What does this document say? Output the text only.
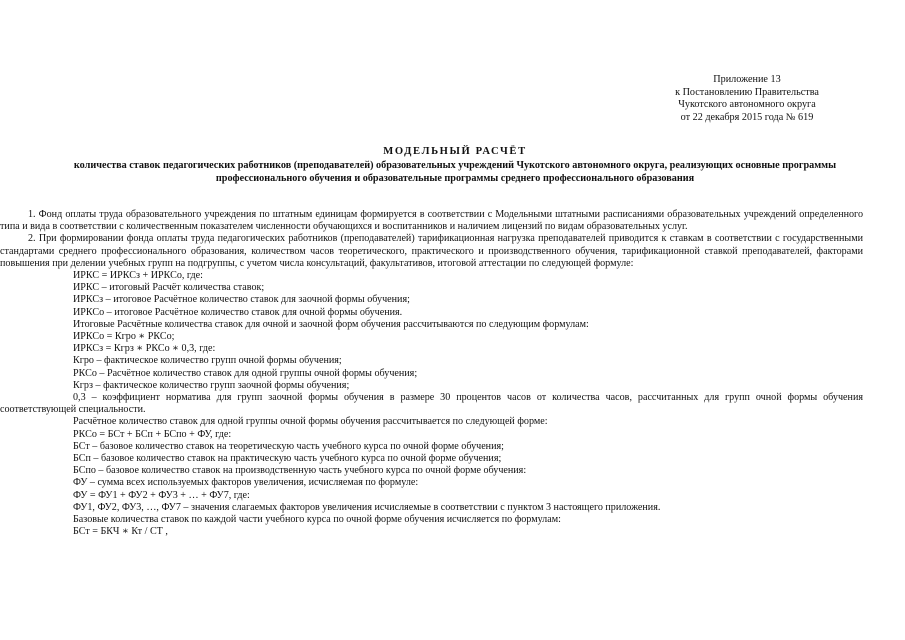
Приложение 13
к Постановлению Правительства
Чукотского автономного округа
от 22 декабря 2015 года № 619
МОДЕЛЬНЫЙ РАСЧЁТ
количества ставок педагогических работников (преподавателей) образовательных учреждений Чукотского автономного округа, реализующих основные программы профессионального обучения и образовательные программы среднего профессионального образования

1. Фонд оплаты труда образовательного учреждения по штатным единицам формируется в соответствии с Модельными штатными расписаниями образовательных учреждений определенного типа и вида в соответствии с количественным показателем численности обучающихся и воспитанников и наличием лицензий по видам образовательных услуг.

2. При формировании фонда оплаты труда педагогических работников (преподавателей) тарификационная нагрузка преподавателей приводится к ставкам в соответствии с государственными стандартами среднего профессионального образования, количеством часов теоретического, практического и производственного обучения, тарификационной ставкой преподавателей, факторами повышения при делении учебных групп на подгруппы, с учетом числа консультаций, факультативов, итоговой аттестации по следующей формуле:

ИРКС = ИРКСз + ИРКСо, где:

ИРКС – итоговый Расчёт количества ставок;

ИРКСз – итоговое Расчётное количество ставок для заочной формы обучения;

ИРКСо – итоговое Расчётное количество ставок для очной формы обучения.

Итоговые Расчётные количества ставок для очной и заочной форм обучения рассчитываются по следующим формулам:

ИРКСо = Кгро ∗ РКСо;

ИРКСз = Кгрз ∗ РКСо ∗ 0,3, где:

Кгро – фактическое количество групп очной формы обучения;

РКСо – Расчётное количество ставок для одной группы очной формы обучения;

Кгрз – фактическое количество групп заочной формы обучения;

0,3 – коэффициент норматива для групп заочной формы обучения в размере 30 процентов часов от количества часов, рассчитанных для групп очной формы обучения соответствующей специальности.

Расчётное количество ставок для одной группы очной формы обучения рассчитывается по следующей форме:

РКСо = БСт + БСп + БСпо + ФУ, где:

БСт – базовое количество ставок на теоретическую часть учебного курса по очной форме обучения;

БСп – базовое количество ставок на практическую часть учебного курса по очной форме обучения;

БСпо – базовое количество ставок на производственную часть учебного курса по очной форме обучения:

ФУ – сумма всех используемых факторов увеличения, исчисляемая по формуле:

ФУ = ФУ1 + ФУ2 + ФУ3 + … + ФУ7, где:

ФУ1, ФУ2, ФУ3, …, ФУ7 – значения слагаемых факторов увеличения исчисляемые в соответствии с пунктом 3 настоящего приложения.

Базовые количества ставок по каждой части учебного курса по очной форме обучения исчисляется по формулам:

БСт = БКЧ ∗ Кт / СТ ,
